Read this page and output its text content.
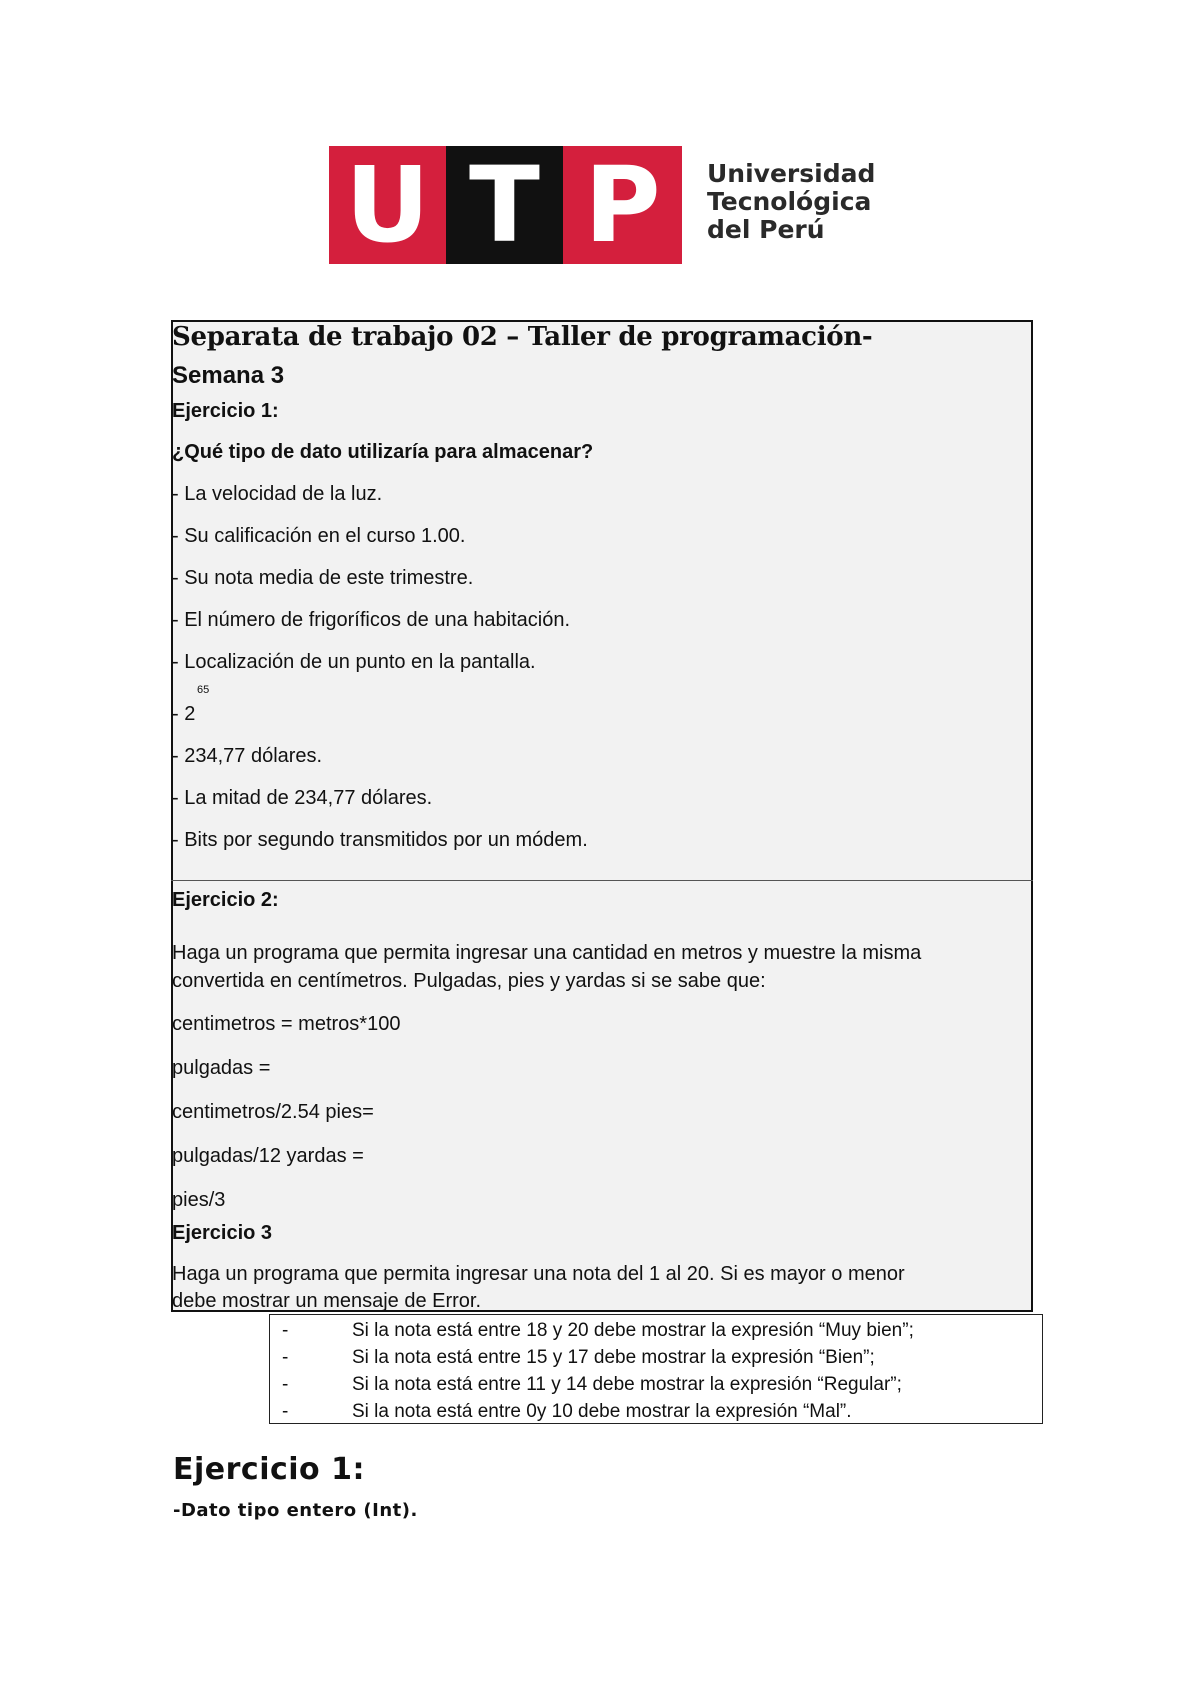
U T P	Universidad
Tecnológica
del Perú
Separata de trabajo 02 – Taller de programación-
Semana 3
Ejercicio 1:
¿Qué tipo de dato utilizaría para almacenar?
- La velocidad de la luz.
- Su calificación en el curso 1.00.
- Su nota media de este trimestre.
- El número de frigoríficos de una habitación.
- Localización de un punto en la pantalla.
65
- 2
- 234,77 dólares.
- La mitad de 234,77 dólares.
- Bits por segundo transmitidos por un módem.
Ejercicio 2:
Haga un programa que permita ingresar una cantidad en metros y muestre la misma
convertida en centímetros. Pulgadas, pies y yardas si se sabe que:
centimetros = metros*100
pulgadas =
centimetros/2.54 pies=
pulgadas/12 yardas =
pies/3
Ejercicio 3
Haga un programa que permita ingresar una nota del 1 al 20. Si es mayor o menor
debe mostrar un mensaje de Error.
-	Si la nota está entre 18 y 20 debe mostrar la expresión “Muy bien”;
-	Si la nota está entre 15 y 17 debe mostrar la expresión “Bien”;
-	Si la nota está entre 11 y 14 debe mostrar la expresión “Regular”;
-	Si la nota está entre 0y 10 debe mostrar la expresión “Mal”.
Ejercicio 1:
-Dato tipo entero (Int).
